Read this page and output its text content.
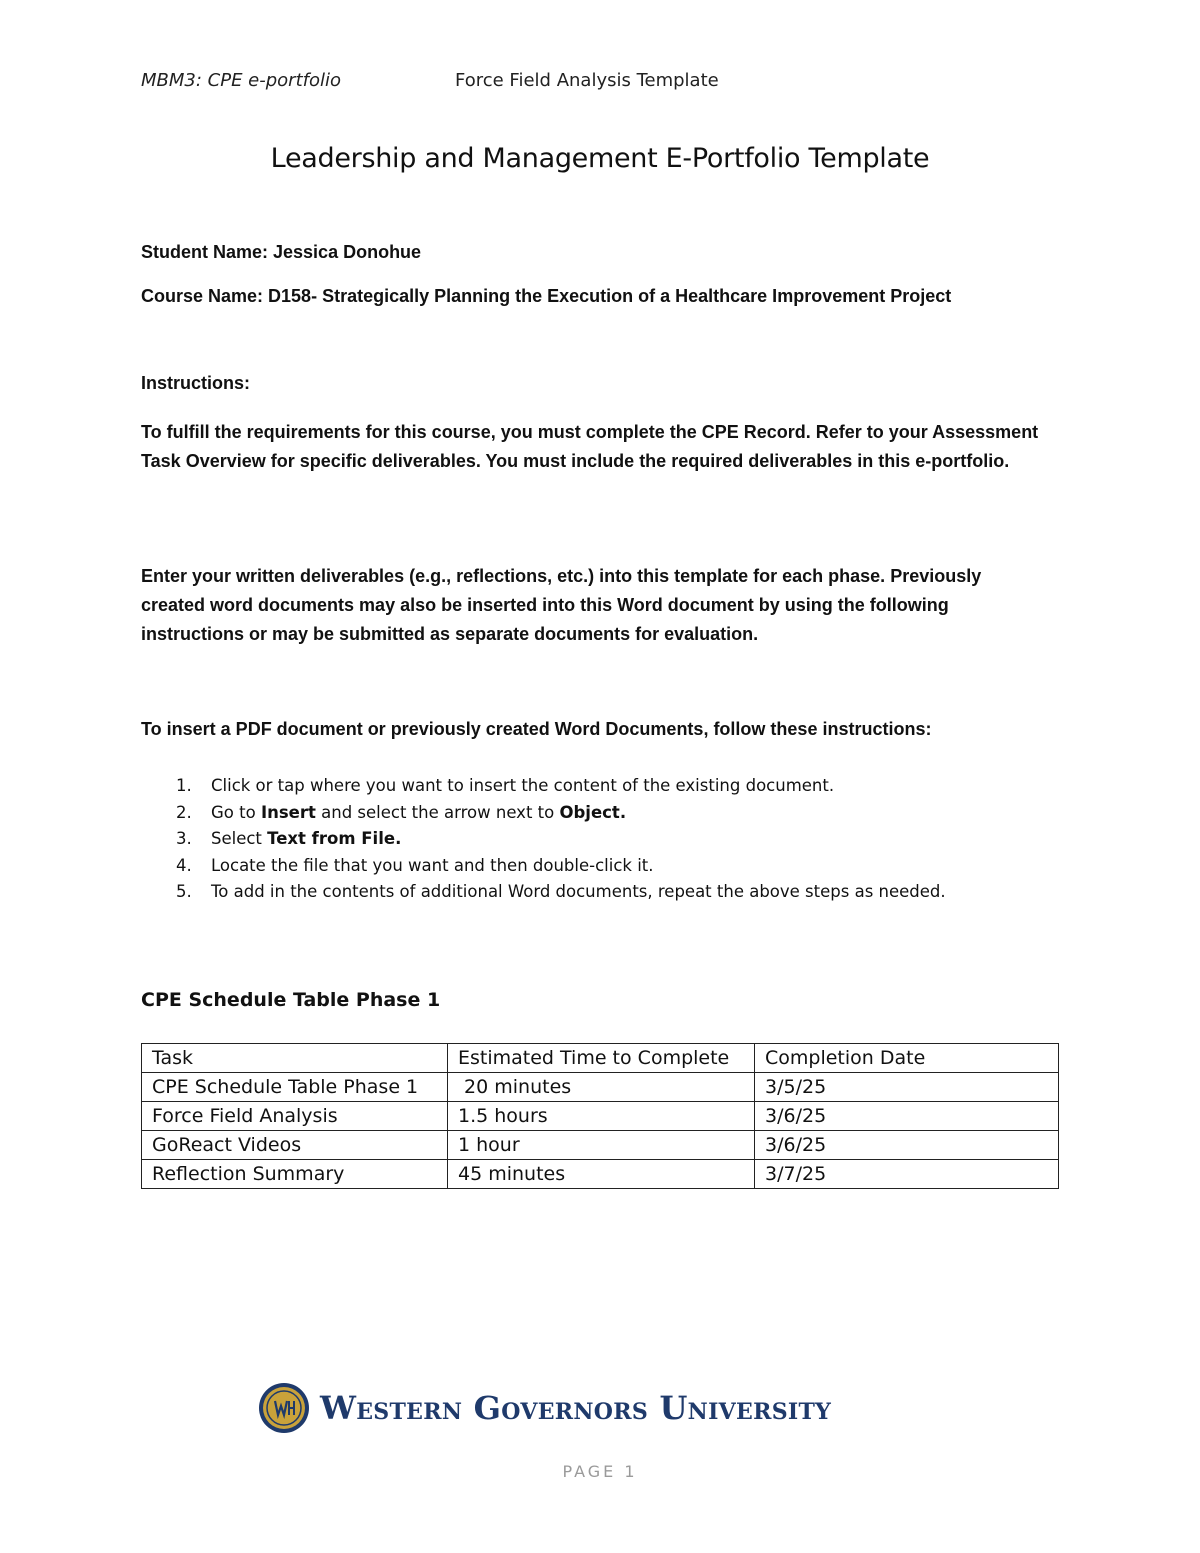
MBM3: CPE e-portfolio	Force Field Analysis Template
Leadership and Management E-Portfolio Template
Student Name: Jessica Donohue
Course Name: D158- Strategically Planning the Execution of a Healthcare Improvement Project
Instructions:
To fulfill the requirements for this course, you must complete the CPE Record. Refer to your Assessment Task Overview for specific deliverables. You must include the required deliverables in this e-portfolio.
Enter your written deliverables (e.g., reflections, etc.) into this template for each phase. Previously created word documents may also be inserted into this Word document by using the following instructions or may be submitted as separate documents for evaluation.
To insert a PDF document or previously created Word Documents, follow these instructions:
1. Click or tap where you want to insert the content of the existing document.
2. Go to Insert and select the arrow next to Object.
3. Select Text from File.
4. Locate the file that you want and then double-click it.
5. To add in the contents of additional Word documents, repeat the above steps as needed.
CPE Schedule Table Phase 1
Task	Estimated Time to Complete	Completion Date
CPE Schedule Table Phase 1	20 minutes	3/5/25
Force Field Analysis	1.5 hours	3/6/25
GoReact Videos	1 hour	3/6/25
Reflection Summary	45 minutes	3/7/25
Western Governors University
PAGE 1
